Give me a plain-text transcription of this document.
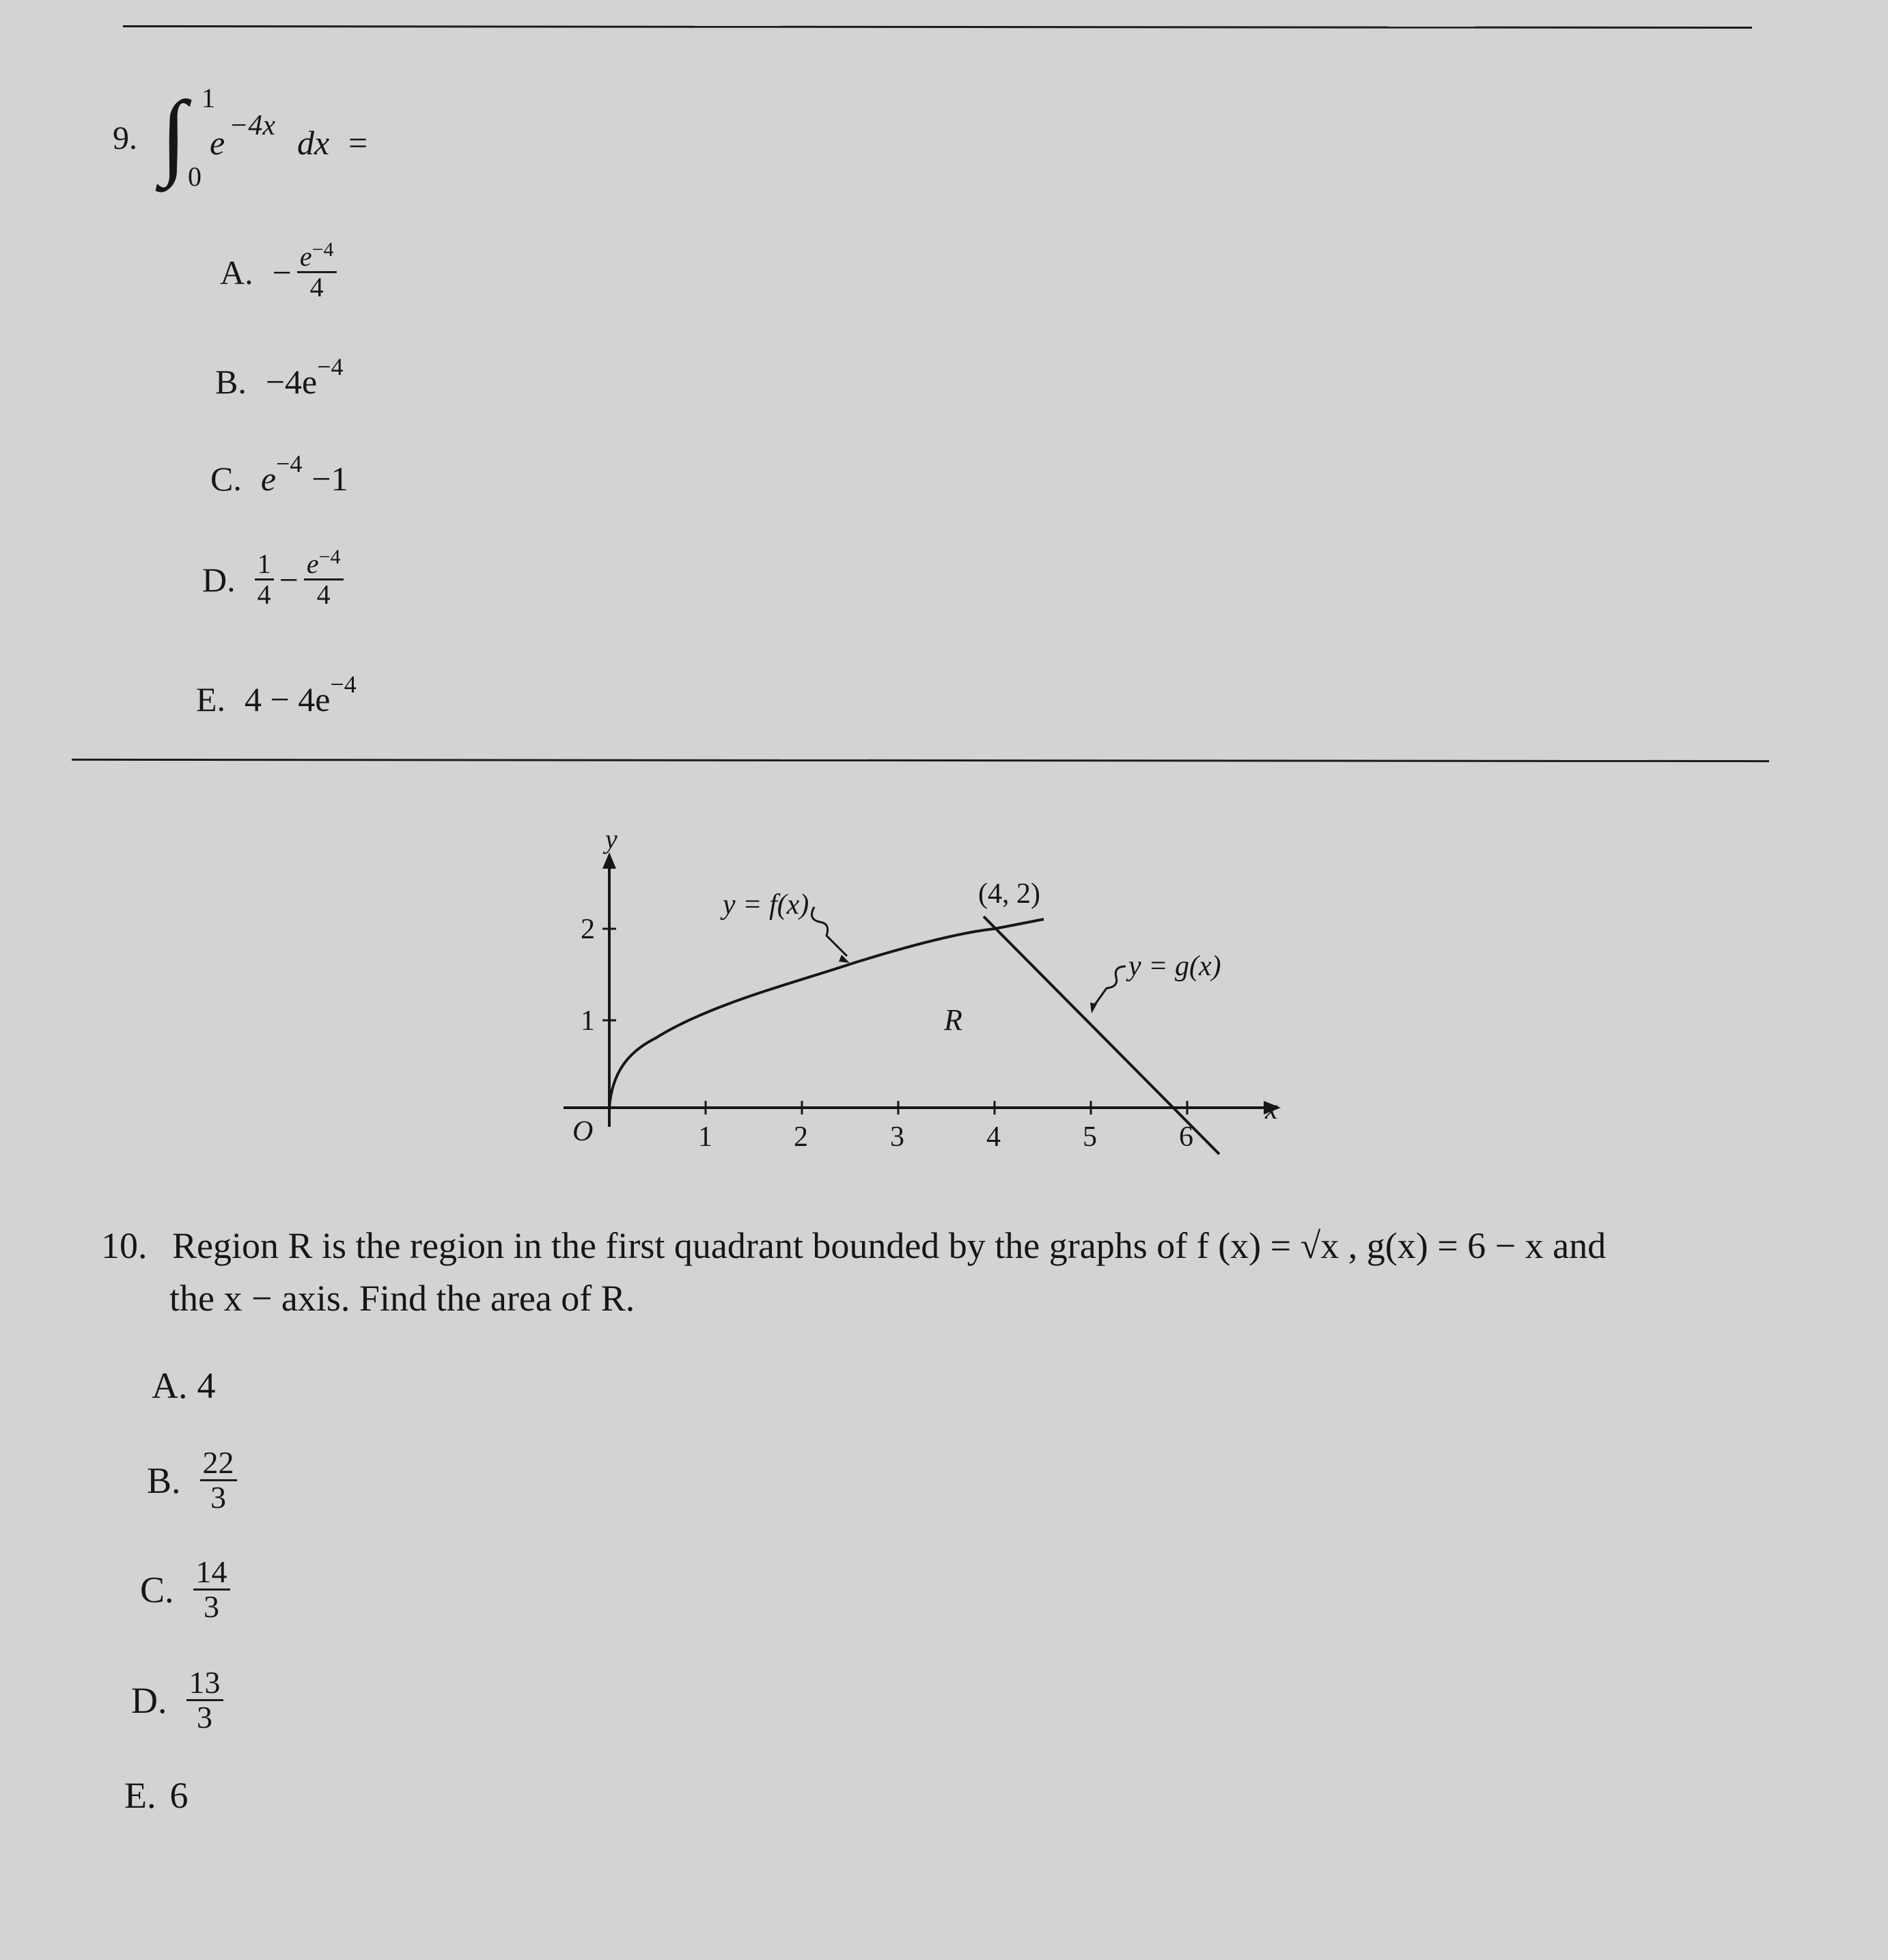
9. ∫ 1
0
e −4x dx =
A. − $\frac{e^{-4}}{4}$
B. −4e −4
C. e −4 −1
D. $\frac{1}{4} - \frac{e^{-4}}{4}$
E. 4 − 4e −4
y
x
O	1	2	3	4	5	6
1
2
y = f(x)	(4, 2)
y = g(x)
R
10. Region R is the region in the first quadrant bounded by the graphs of f (x) = √x , g(x) = 6 − x and
the x − axis. Find the area of R.
A. 4
B. $\frac{22}{3}$
C. $\frac{14}{3}$
D. $\frac{13}{3}$
E. 6
